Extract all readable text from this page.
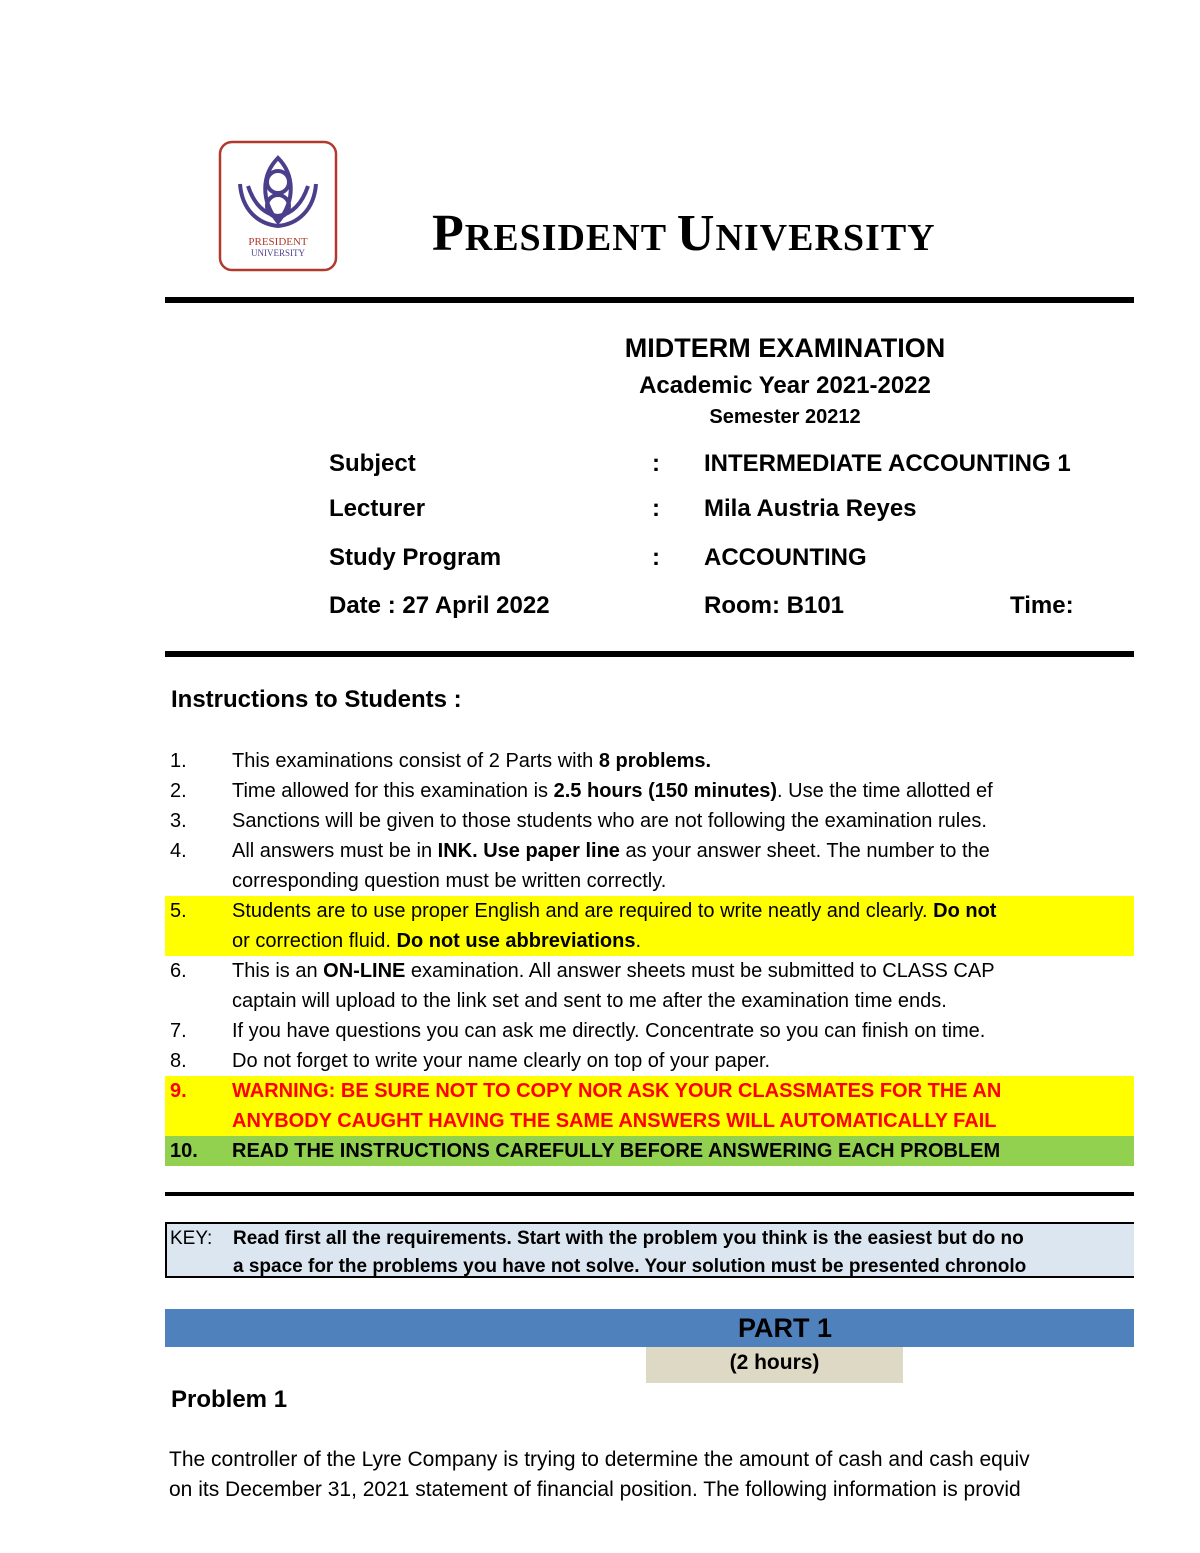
PRESIDENT
UNIVERSITY PRESIDENT UNIVERSITY
MIDTERM EXAMINATION
Academic Year 2021-2022
Semester 20212
Subject	: INTERMEDIATE ACCOUNTING 1
Lecturer	: Mila Austria Reyes
Study Program	: ACCOUNTING
Date : 27 April 2022	Room: B101	Time:
Instructions to Students :
1. This examinations consist of 2 Parts with 8 problems.
2. Time allowed for this examination is 2.5 hours (150 minutes). Use the time allotted ef
3. Sanctions will be given to those students who are not following the examination rules.
4. All answers must be in INK. Use paper line as your answer sheet. The number to the
corresponding question must be written correctly.
5. Students are to use proper English and are required to write neatly and clearly. Do not
or correction fluid. Do not use abbreviations.
6. This is an ON-LINE examination. All answer sheets must be submitted to CLASS CAP
captain will upload to the link set and sent to me after the examination time ends.
7. If you have questions you can ask me directly. Concentrate so you can finish on time.
8. Do not forget to write your name clearly on top of your paper.
9. WARNING: BE SURE NOT TO COPY NOR ASK YOUR CLASSMATES FOR THE AN
ANYBODY CAUGHT HAVING THE SAME ANSWERS WILL AUTOMATICALLY FAIL
10. READ THE INSTRUCTIONS CAREFULLY BEFORE ANSWERING EACH PROBLEM
KEY: Read first all the requirements. Start with the problem you think is the easiest but do no
a space for the problems you have not solve. Your solution must be presented chronolo
PART 1
(2 hours)
Problem 1
The controller of the Lyre Company is trying to determine the amount of cash and cash equiv
on its December 31, 2021 statement of financial position. The following information is provid
